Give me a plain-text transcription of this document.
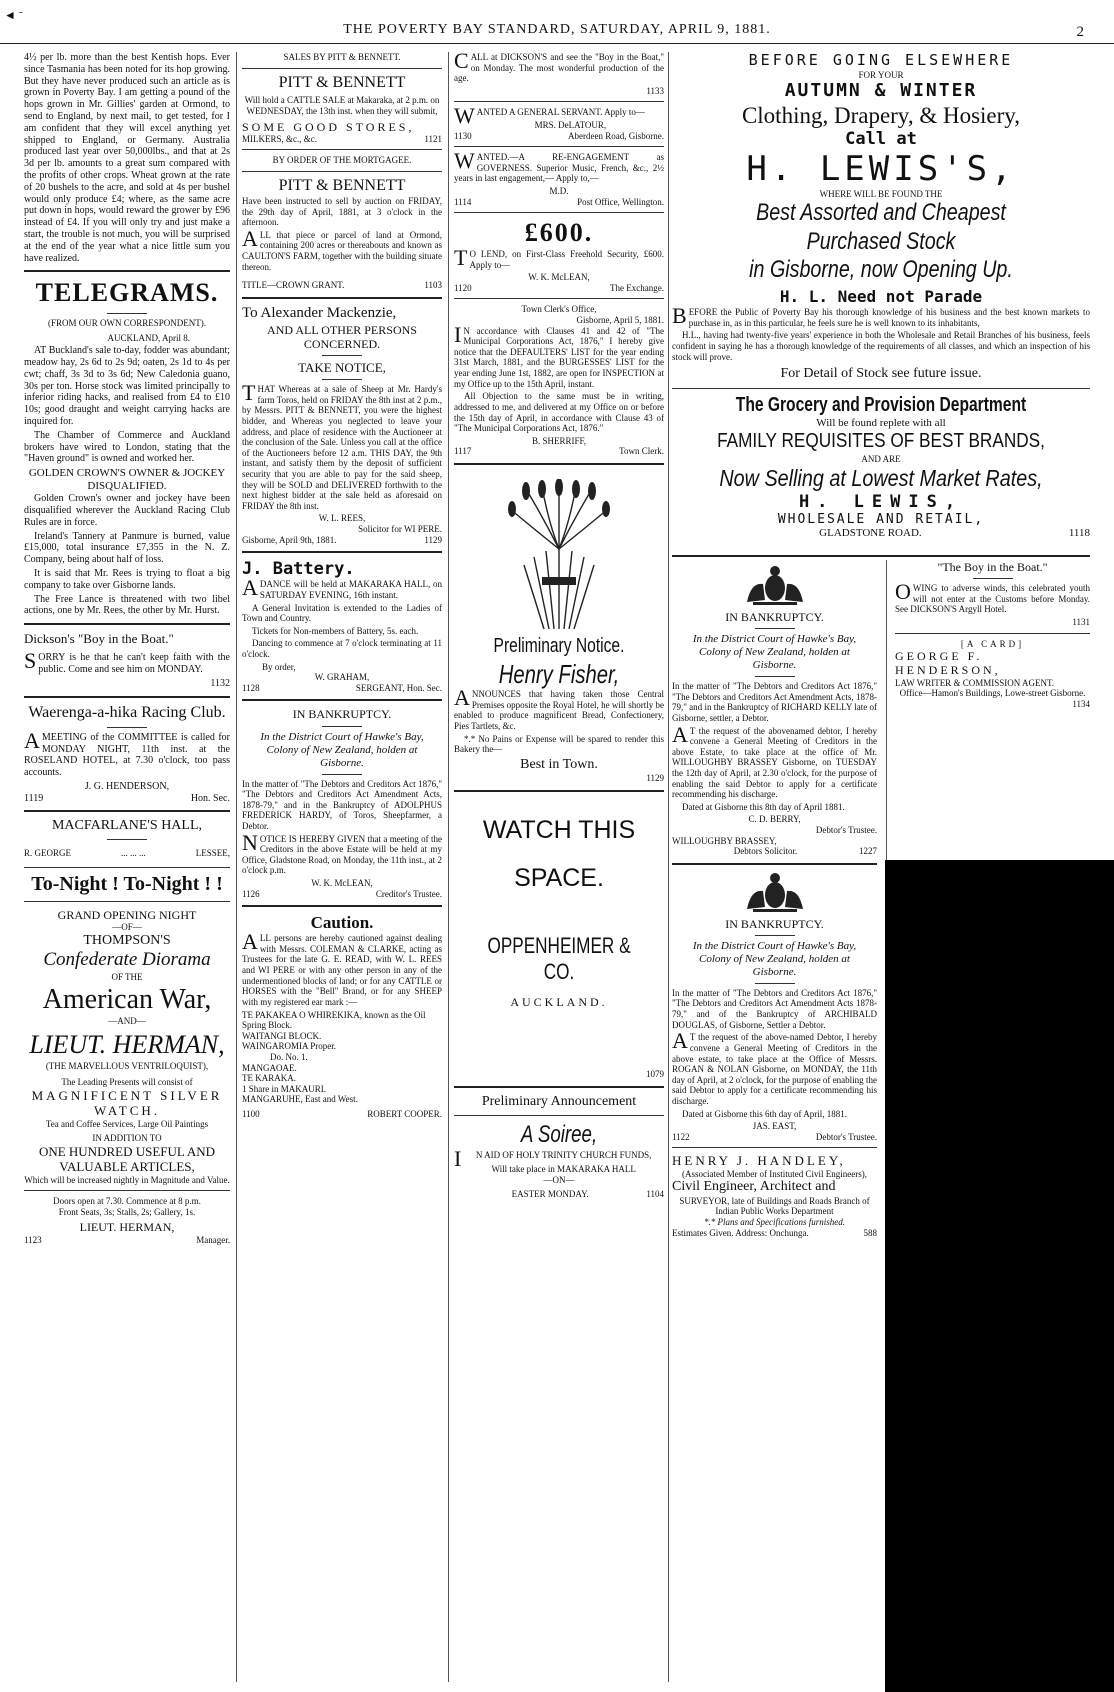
◄ ˉ
THE POVERTY BAY STANDARD, SATURDAY, APRIL 9, 1881.	2

4½ per lb. more than the best Kentish hops. Ever since Tasmania has been noted for its hop growing. But they have never produced such an article as is grown in Poverty Bay. I am getting a pound of the hops grown in Mr. Gillies' garden at Ormond, to send to England, by next mail, to get tested, for I am confident that they will excel anything yet shipped to England, or Germany. Australia produced last year over 50,000lbs., and that at 2s 3d per lb. amounts to a great sum compared with the profits of other crops. Wheat grown at the rate of 20 bushels to the acre, and sold at 4s per bushel would only produce £4; where, as the same acre put down in hops, would reward the grower by £96 instead of £4. If you will only try and just make a start, the trouble is not much, you will be surprised at the end of the year what a nice little sum you have realized.

TELEGRAMS.
(FROM OUR OWN CORRESPONDENT).
AUCKLAND, April 8.

AT Buckland's sale to-day, fodder was abundant; meadow hay, 2s 6d to 2s 9d; oaten, 2s 1d to 4s per cwt; chaff, 3s 3d to 3s 6d; New Caledonia guano, 30s per ton. Horse stock was limited principally to inferior riding hacks, and realised from £4 to £10 10s; good draught and weight carrying hacks are inquired for.

The Chamber of Commerce and Auckland brokers have wired to London, stating that the "Haven ground" is owned and worked her.

GOLDEN CROWN'S OWNER & JOCKEY DISQUALIFIED.

Golden Crown's owner and jockey have been disqualified wherever the Auckland Racing Club Rules are in force.

Ireland's Tannery at Panmure is burned, value £15,000, total insurance £7,355 in the N. Z. Company, being about half of loss.

It is said that Mr. Rees is trying to float a big company to take over Gisborne lands.

The Free Lance is threatened with two libel actions, one by Mr. Rees, the other by Mr. Hurst.

Dickson's "Boy in the Boat."

SORRY is he that he can't keep faith with the public. Come and see him on MONDAY.

1132
Waerenga-a-hika Racing Club.

AMEETING of the COMMITTEE is called for MONDAY NIGHT, 11th inst. at the ROSELAND HOTEL, at 7.30 o'clock, too pass accounts.

J. G. HENDERSON,
1119	Hon. Sec.
MACFARLANE'S HALL,
R. GEORGE	... ... ...	LESSEE,
To-Night ! To-Night ! !
GRAND OPENING NIGHT
—OF—
THOMPSON'S
Confederate Diorama
OF THE
American War,
—AND—
LIEUT. HERMAN,
(THE MARVELLOUS VENTRILOQUIST),
The Leading Presents will consist of
MAGNIFICENT SILVER
WATCH.
Tea and Coffee Services, Large Oil Paintings
IN ADDITION TO
ONE HUNDRED USEFUL AND VALUABLE ARTICLES,
Which will be increased nightly in Magnitude and Value.
Doors open at 7.30. Commence at 8 p.m.
Front Seats, 3s; Stalls, 2s; Gallery, 1s.
LIEUT. HERMAN,
1123	Manager.
SALES BY PITT & BENNETT.
PITT & BENNETT
Will hold a CATTLE SALE at Makaraka, at 2 p.m. on WEDNESDAY, the 13th inst. when they will submit,
SOME GOOD STORES,
MILKERS, &c., &c.	1121
BY ORDER OF THE MORTGAGEE.
PITT & BENNETT

Have been instructed to sell by auction on FRIDAY, the 29th day of April, 1881, at 3 o'clock in the afternoon.

ALL that piece or parcel of land at Ormond, containing 200 acres or thereabouts and known as CAULTON'S FARM, together with the building situate thereon.

TITLE—CROWN GRANT.	1103
To Alexander Mackenzie,
AND ALL OTHER PERSONS CONCERNED.
TAKE NOTICE,

THAT Whereas at a sale of Sheep at Mr. Hardy's farm Toros, held on FRIDAY the 8th inst at 2 p.m., by Messrs. PITT & BENNETT, you were the highest bidder, and Whereas you neglected to leave your address, and place of residence with the Auctioneer at the conclusion of the Sale. Unless you call at the office of the Auctioneers before 12 a.m. THIS DAY, the 9th instant, and satisfy them by the deposit of sufficient security that you are able to pay for the said sheep, they will be SOLD and DELIVERED forthwith to the next highest bidder at the sale held as aforesaid on FRIDAY the 8th inst.

W. L. REES,
Solicitor for WI PERE.
Gisborne, April 9th, 1881.	1129
J. Battery.

ADANCE will be held at MAKARAKA HALL, on SATURDAY EVENING, 16th instant.

A General Invitation is extended to the Ladies of Town and Country.

Tickets for Non-members of Battery, 5s. each.

Dancing to commence at 7 o'clock terminating at 11 o'clock.

By order,
W. GRAHAM,
1128	SERGEANT, Hon. Sec.
IN BANKRUPTCY.
In the District Court of Hawke's Bay, Colony of New Zealand, holden at Gisborne.

In the matter of "The Debtors and Creditors Act 1876," "The Debtors and Creditors Act Amendment Acts, 1878-79," and in the Bankruptcy of ADOLPHUS FREDERICK HARDY, of Toros, Sheepfarmer, a Debtor.

NOTICE IS HEREBY GIVEN that a meeting of the Creditors in the above Estate will be held at my Office, Gladstone Road, on Monday, the 11th inst., at 2 o'clock p.m.

W. K. McLEAN,
1126	Creditor's Trustee.
Caution.

ALL persons are hereby cautioned against dealing with Messrs. COLEMAN & CLARKE, acting as Trustees for the late G. E. READ, with W. L. REES and WI PERE or with any other person in any of the undermentioned blocks of land; or for any CATTLE or HORSES with the "Bell" Brand, or for any SHEEP with my registered ear mark :—

TE PAKAKEA O WHIREKIKA, known as the Oil Spring Block.
WAITANGI BLOCK.
WAINGAROMIA Proper.
Do. No. 1.
MANGAOAE.
TE KARAKA.
1 Share in MAKAURI.
MANGARUHE, East and West.
1100	ROBERT COOPER.

CALL at DICKSON'S and see the "Boy in the Boat," on Monday. The most wonderful production of the age.

1133

WANTED A GENERAL SERVANT. Apply to—

MRS. DeLATOUR,
1130	Aberdeen Road, Gisborne.

WANTED.—A RE-ENGAGEMENT as GOVERNESS. Superior Music, French, &c., 2½ years in last engagement,— Apply to,—

M.D.
1114	Post Office, Wellington.
£600.

TO LEND, on First-Class Freehold Security, £600. Apply to—

W. K. McLEAN,
1120	The Exchange.
Town Clerk's Office,
Gisborne, April 5, 1881.

IN accordance with Clauses 41 and 42 of "The Municipal Corporations Act, 1876," I hereby give notice that the DEFAULTERS' LIST for the year ending 31st March, 1881, and the BURGESSES' LIST for the year ending June 1st, 1882, are open for INSPECTION at my Office up to the 15th April, instant.

All Objection to the same must be in writing, addressed to me, and delivered at my Office on or before the 15th day of April, in accordance with Clause 43 of "The Municipal Corporations Act, 1876."

B. SHERRIFF,
1117	Town Clerk.
Preliminary Notice.
Henry Fisher,

ANNOUNCES that having taken those Central Premises opposite the Royal Hotel, he will shortly be enabled to produce magnificent Bread, Confectionery, Pies Tartlets, &c.

*.* No Pains or Expense will be spared to render this Bakery the—

Best in Town.
1129
WATCH THIS
SPACE.
OPPENHEIMER & CO.
AUCKLAND.
1079
Preliminary Announcement
A Soiree,
IN AID OF HOLY TRINITY CHURCH FUNDS,
Will take place in MAKARAKA HALL
—ON—
EASTER MONDAY.	1104
BEFORE GOING ELSEWHERE
FOR YOUR
AUTUMN & WINTER
Clothing, Drapery, & Hosiery,
Call at
H. LEWIS'S,
WHERE WILL BE FOUND THE
Best Assorted and Cheapest Purchased Stock
in Gisborne, now Opening Up.
H. L. Need not Parade

BEFORE the Public of Poverty Bay his thorough knowledge of his business and the best known markets to purchase in, as in this particular, he feels sure he is well known to its inhabitants,

H.L., having had twenty-five years' experience in both the Wholesale and Retail Branches of his business, feels confident in saying he has a thorough knowledge of the requirements of all classes, and which an inspection of his stock will prove.

For Detail of Stock see future issue.
The Grocery and Provision Department
Will be found replete with all
FAMILY REQUISITES OF BEST BRANDS,
AND ARE
Now Selling at Lowest Market Rates,
H. LEWIS,
WHOLESALE AND RETAIL,
GLADSTONE ROAD.	1118
IN BANKRUPTCY.
In the District Court of Hawke's Bay, Colony of New Zealand, holden at Gisborne.

In the matter of "The Debtors and Creditors Act 1876," "The Debtors and Creditors Act Amendment Acts, 1878-79," and in the Bankruptcy of RICHARD KELLY late of Gisborne, settler, a Debtor.

AT the request of the abovenamed debtor, I hereby convene a General Meeting of Creditors in the above Estate, to take place at the office of Mr. WILLOUGHBY BRASSEY Gisborne, on TUESDAY the 12th day of April, at 2.30 o'clock, for the purpose of enabling the said Debtor to apply for a certificate recommending his discharge.

Dated at Gisborne this 8th day of April 1881.

C. D. BERRY,
Debtor's Trustee.
WILLOUGHBY BRASSEY,
Debtors Solicitor.	1227
IN BANKRUPTCY.
In the District Court of Hawke's Bay, Colony of New Zealand, holden at Gisborne.

In the matter of "The Debtors and Creditors Act 1876," "The Debtors and Creditors Act Amendment Acts 1878-79," and of the Bankruptcy of ARCHIBALD DOUGLAS, of Gisborne, Settler a Debtor.

AT the request of the above-named Debtor, I hereby convene a General Meeting of Creditors in the above estate, to take place at the Office of Messrs. ROGAN & NOLAN Gisborne, on MONDAY, the 11th day of April, at 2 o'clock, for the purpose of enabling the said Debtor to apply for a certificate recommending his discharge.

Dated at Gisborne this 6th day of April, 1881.

JAS. EAST,
1122	Debtor's Trustee.
HENRY J. HANDLEY,
(Associated Member of Instituted Civil Engineers),
Civil Engineer, Architect and
SURVEYOR, late of Buildings and Roads Branch of Indian Public Works Department
*.* Plans and Specifications furnished.
Estimates Given. Address: Onchunga.	588
"The Boy in the Boat."

OWING to adverse winds, this celebrated youth will not enter at the Customs before Monday. See DICKSON'S Argyll Hotel.

1131
[A CARD]
GEORGE F. HENDERSON,
LAW WRITER & COMMISSION AGENT.
Office—Hamon's Buildings, Lowe-street Gisborne.
1134
